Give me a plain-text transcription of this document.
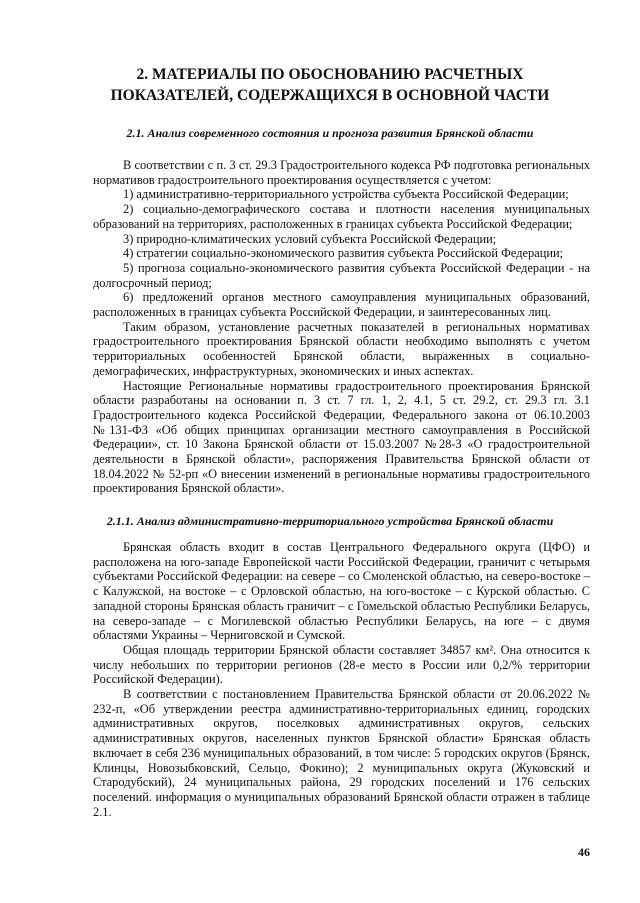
2. МАТЕРИАЛЫ ПО ОБОСНОВАНИЮ РАСЧЕТНЫХ
ПОКАЗАТЕЛЕЙ, СОДЕРЖАЩИХСЯ В ОСНОВНОЙ ЧАСТИ
2.1. Анализ современного состояния и прогноза развития Брянской области

В соответствии с п. 3 ст. 29.3 Градостроительного кодекса РФ подготовка региональных нормативов градостроительного проектирования осуществляется с учетом:

1) административно-территориального устройства субъекта Российской Федерации;

2) социально-демографического состава и плотности населения муниципальных образований на территориях, расположенных в границах субъекта Российской Федерации;

3) природно-климатических условий субъекта Российской Федерации;

4) стратегии социально-экономического развития субъекта Российской Федерации;

5) прогноза социально-экономического развития субъекта Российской Федерации - на долгосрочный период;

6) предложений органов местного самоуправления муниципальных образований, расположенных в границах субъекта Российской Федерации, и заинтересованных лиц.

Таким образом, установление расчетных показателей в региональных нормативах градостроительного проектирования Брянской области необходимо выполнять с учетом территориальных особенностей Брянской области, выраженных в социально- демографических, инфраструктурных, экономических и иных аспектах.

Настоящие Региональные нормативы градостроительного проектирования Брянской области разработаны на основании п. 3 ст. 7 гл. 1, 2, 4.1, 5 ст. 29.2, ст. 29.3 гл. 3.1 Градостроительного кодекса Российской Федерации, Федерального закона от 06.10.2003 №131-ФЗ «Об общих принципах организации местного самоуправления в Российской Федерации», ст. 10 Закона Брянской области от 15.03.2007 №28-З «О градостроительной деятельности в Брянской области», распоряжения Правительства Брянской области от 18.04.2022 № 52-рп «О внесении изменений в региональные нормативы градостроительного проектирования Брянской области».

2.1.1. Анализ административно-территориального устройства Брянской области

Брянская область входит в состав Центрального Федерального округа (ЦФО) и расположена на юго-западе Европейской части Российской Федерации, граничит с четырьмя субъектами Российской Федерации: на севере – со Смоленской областью, на северо-востоке – с Калужской, на востоке – с Орловской областью, на юго-востоке – с Курской областью. С западной стороны Брянская область граничит – с Гомельской областью Республики Беларусь, на северо-западе – с Могилевской областью Республики Беларусь, на юге – с двумя областями Украины – Черниговской и Сумской.

Общая площадь территории Брянской области составляет 34857 км². Она относится к числу небольших по территории регионов (28-е место в России или 0,2/% территории Российской Федерации).

В соответствии с постановлением Правительства Брянской области от 20.06.2022 № 232-п, «Об утверждении реестра административно-территориальных единиц, городских административных округов, поселковых административных округов, сельских административных округов, населенных пунктов Брянской области» Брянская область включает в себя 236 муниципальных образований, в том числе: 5 городских округов (Брянск, Клинцы, Новозыбковский, Сельцо, Фокино); 2 муниципальных округа (Жуковский и Стародубский), 24 муниципальных района, 29 городских поселений и 176 сельских поселений. информация о муниципальных образований Брянской области отражен в таблице 2.1.

46
